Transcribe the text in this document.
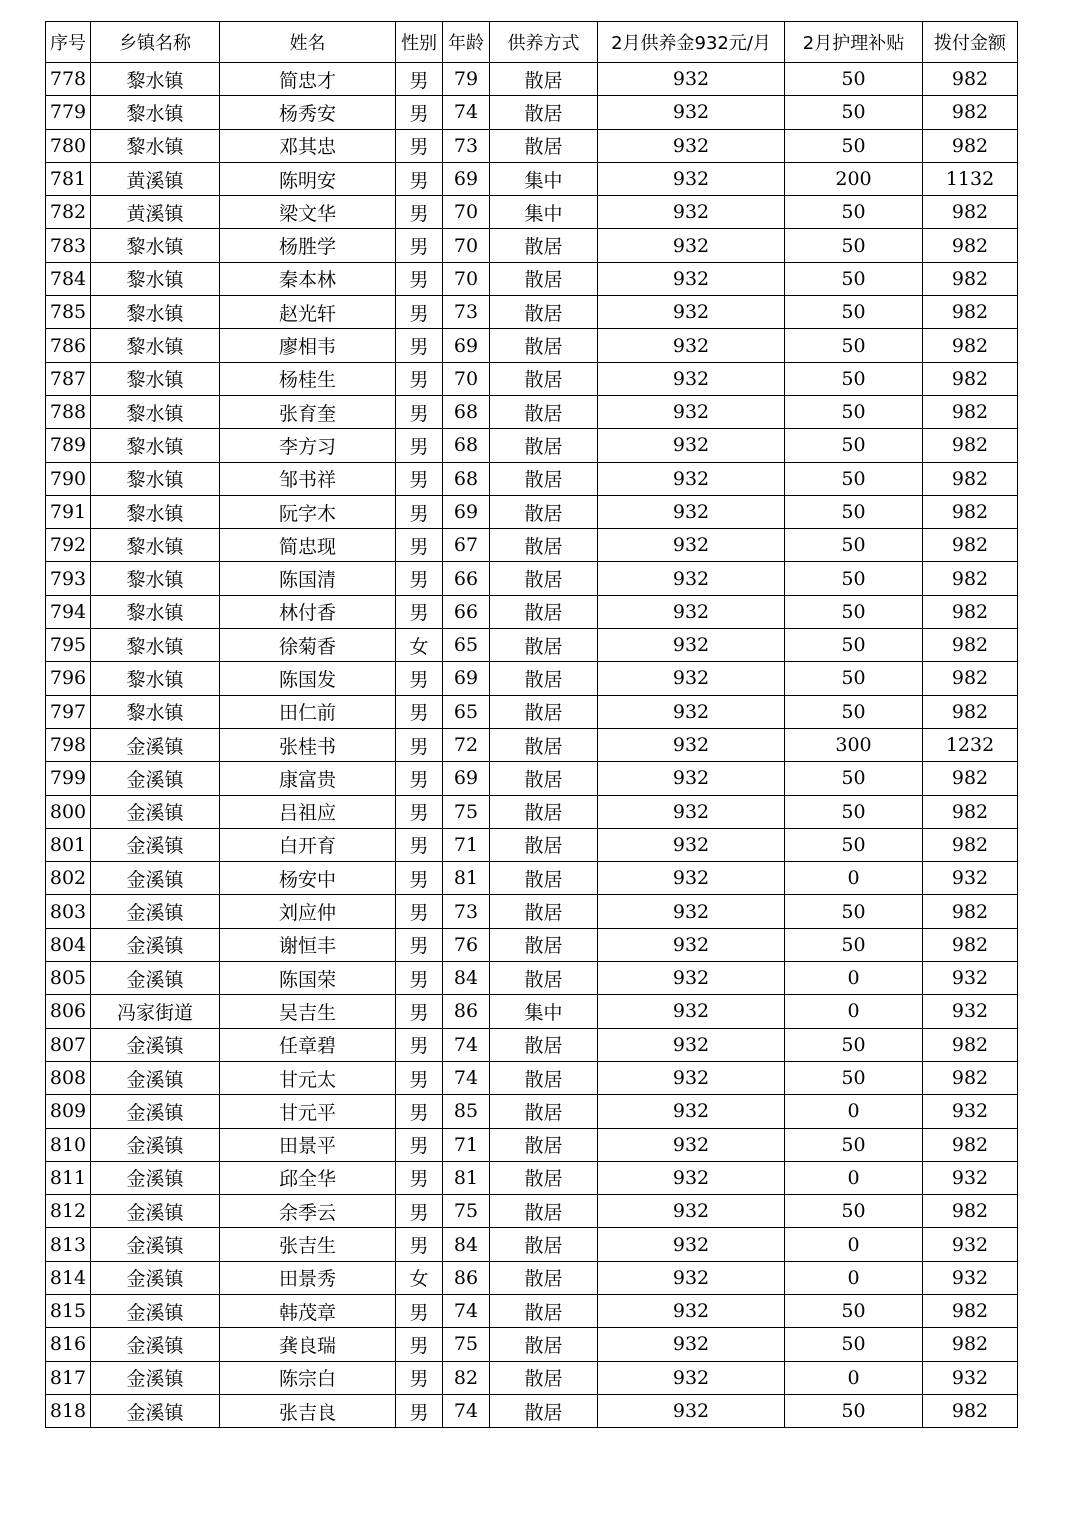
序号	乡镇名称	姓名	性别	年龄	供养方式	2月供养金932元/月	2月护理补贴	拨付金额
778	黎水镇	简忠才	男	79	散居	932	50	982
779	黎水镇	杨秀安	男	74	散居	932	50	982
780	黎水镇	邓其忠	男	73	散居	932	50	982
781	黄溪镇	陈明安	男	69	集中	932	200	1132
782	黄溪镇	梁文华	男	70	集中	932	50	982
783	黎水镇	杨胜学	男	70	散居	932	50	982
784	黎水镇	秦本林	男	70	散居	932	50	982
785	黎水镇	赵光轩	男	73	散居	932	50	982
786	黎水镇	廖相韦	男	69	散居	932	50	982
787	黎水镇	杨桂生	男	70	散居	932	50	982
788	黎水镇	张育奎	男	68	散居	932	50	982
789	黎水镇	李方习	男	68	散居	932	50	982
790	黎水镇	邹书祥	男	68	散居	932	50	982
791	黎水镇	阮字木	男	69	散居	932	50	982
792	黎水镇	简忠现	男	67	散居	932	50	982
793	黎水镇	陈国清	男	66	散居	932	50	982
794	黎水镇	林付香	男	66	散居	932	50	982
795	黎水镇	徐菊香	女	65	散居	932	50	982
796	黎水镇	陈国发	男	69	散居	932	50	982
797	黎水镇	田仁前	男	65	散居	932	50	982
798	金溪镇	张桂书	男	72	散居	932	300	1232
799	金溪镇	康富贵	男	69	散居	932	50	982
800	金溪镇	吕祖应	男	75	散居	932	50	982
801	金溪镇	白开育	男	71	散居	932	50	982
802	金溪镇	杨安中	男	81	散居	932	0	932
803	金溪镇	刘应仲	男	73	散居	932	50	982
804	金溪镇	谢恒丰	男	76	散居	932	50	982
805	金溪镇	陈国荣	男	84	散居	932	0	932
806	冯家街道	吴吉生	男	86	集中	932	0	932
807	金溪镇	任章碧	男	74	散居	932	50	982
808	金溪镇	甘元太	男	74	散居	932	50	982
809	金溪镇	甘元平	男	85	散居	932	0	932
810	金溪镇	田景平	男	71	散居	932	50	982
811	金溪镇	邱全华	男	81	散居	932	0	932
812	金溪镇	余季云	男	75	散居	932	50	982
813	金溪镇	张吉生	男	84	散居	932	0	932
814	金溪镇	田景秀	女	86	散居	932	0	932
815	金溪镇	韩茂章	男	74	散居	932	50	982
816	金溪镇	龚良瑞	男	75	散居	932	50	982
817	金溪镇	陈宗白	男	82	散居	932	0	932
818	金溪镇	张吉良	男	74	散居	932	50	982
